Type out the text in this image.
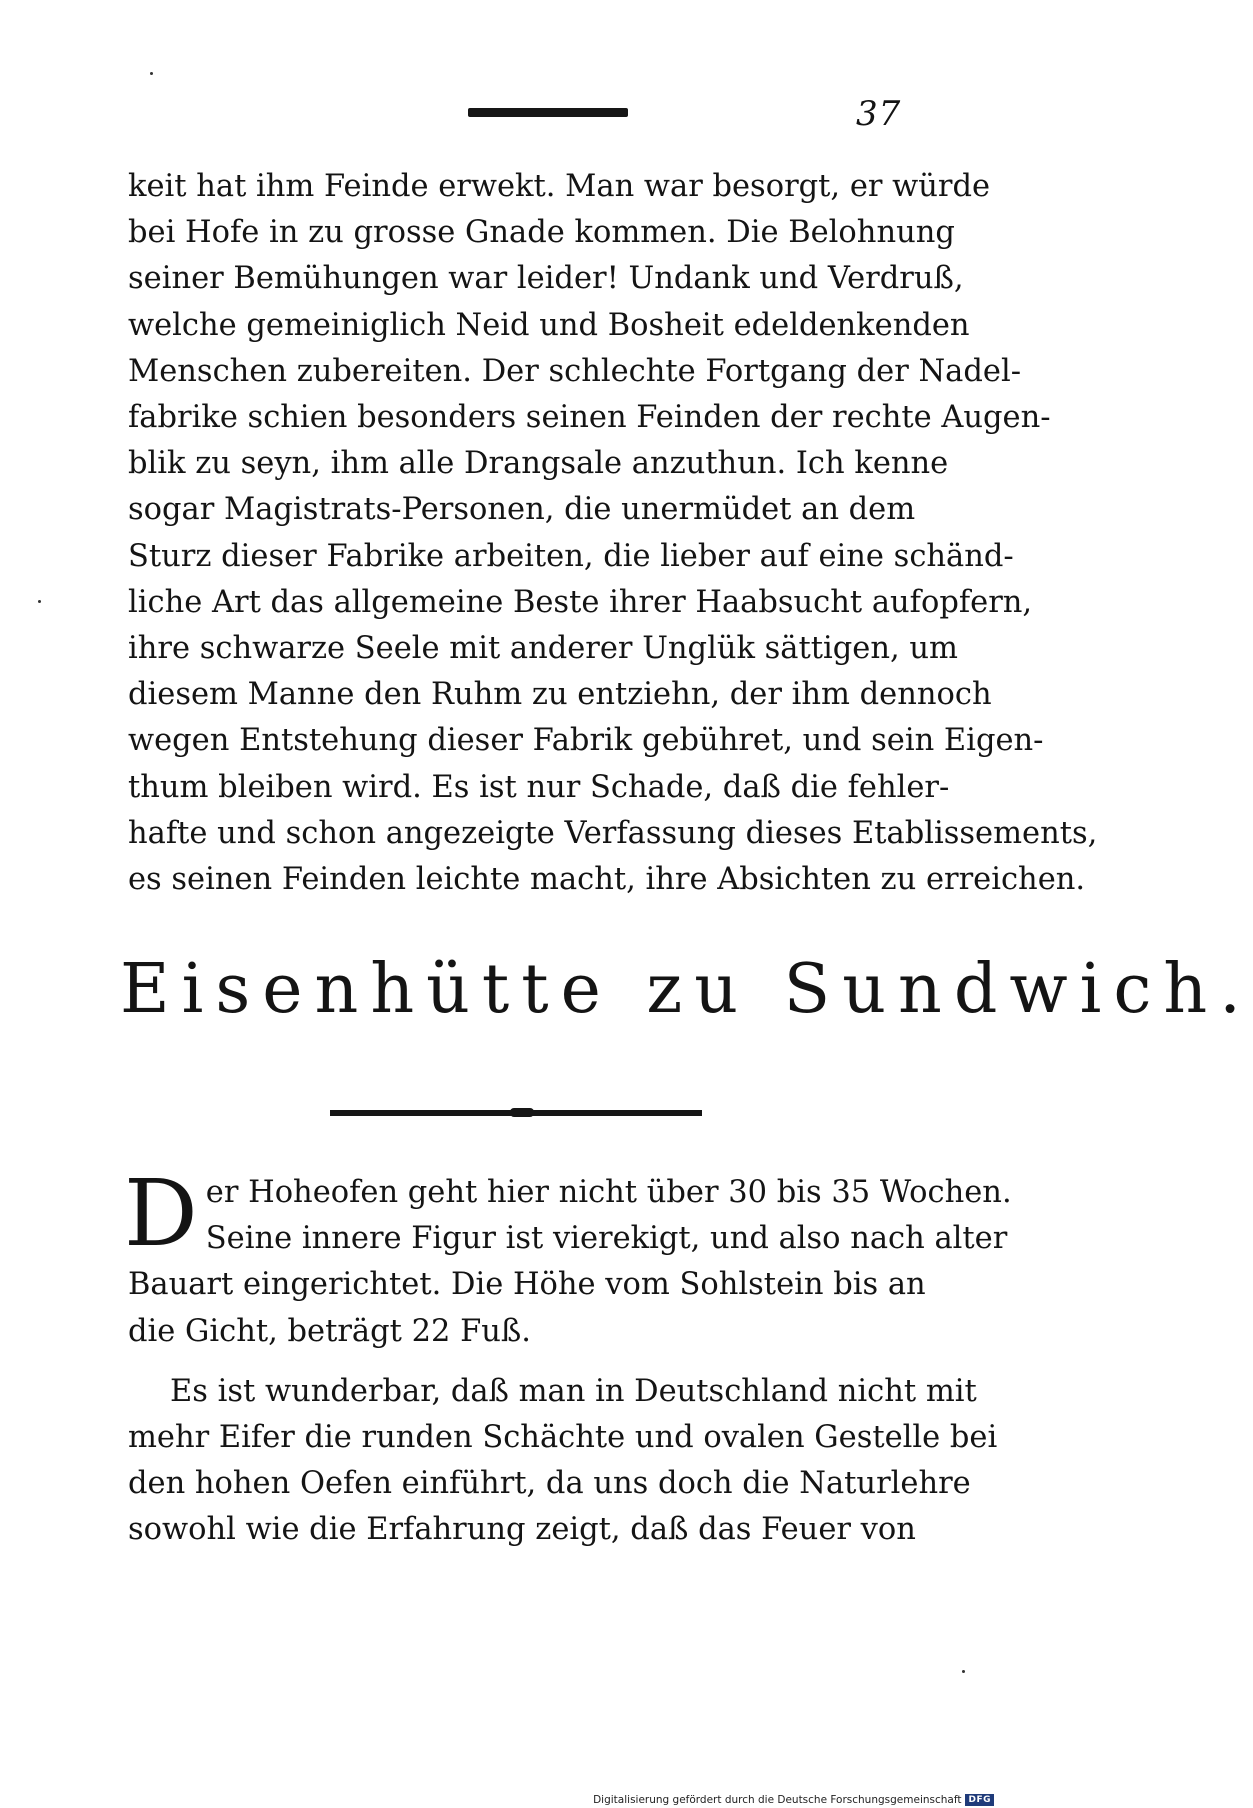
37
keit hat ihm Feinde erwekt. Man war besorgt, er würde
bei Hofe in zu grosse Gnade kommen. Die Belohnung
seiner Bemühungen war leider! Undank und Verdruß,
welche gemeiniglich Neid und Bosheit edeldenkenden
Menschen zubereiten. Der schlechte Fortgang der Nadel-
fabrike schien besonders seinen Feinden der rechte Augen-
blik zu seyn, ihm alle Drangsale anzuthun. Ich kenne
sogar Magistrats-Personen, die unermüdet an dem
Sturz dieser Fabrike arbeiten, die lieber auf eine schänd-
liche Art das allgemeine Beste ihrer Haabsucht aufopfern,
ihre schwarze Seele mit anderer Unglük sättigen, um
diesem Manne den Ruhm zu entziehn, der ihm dennoch
wegen Entstehung dieser Fabrik gebühret, und sein Eigen-
thum bleiben wird. Es ist nur Schade, daß die fehler-
hafte und schon angezeigte Verfassung dieses Etablissements,
es seinen Feinden leichte macht, ihre Absichten zu erreichen.
Eisenhütte zu Sundwich.
D er Hoheofen geht hier nicht über 30 bis 35 Wochen.
Seine innere Figur ist vierekigt, und also nach alter
Bauart eingerichtet. Die Höhe vom Sohlstein bis an
die Gicht, beträgt 22 Fuß.
Es ist wunderbar, daß man in Deutschland nicht mit
mehr Eifer die runden Schächte und ovalen Gestelle bei
den hohen Oefen einführt, da uns doch die Naturlehre
sowohl wie die Erfahrung zeigt, daß das Feuer von
Digitalisierung gefördert durch die Deutsche Forschungsgemeinschaft DFG
